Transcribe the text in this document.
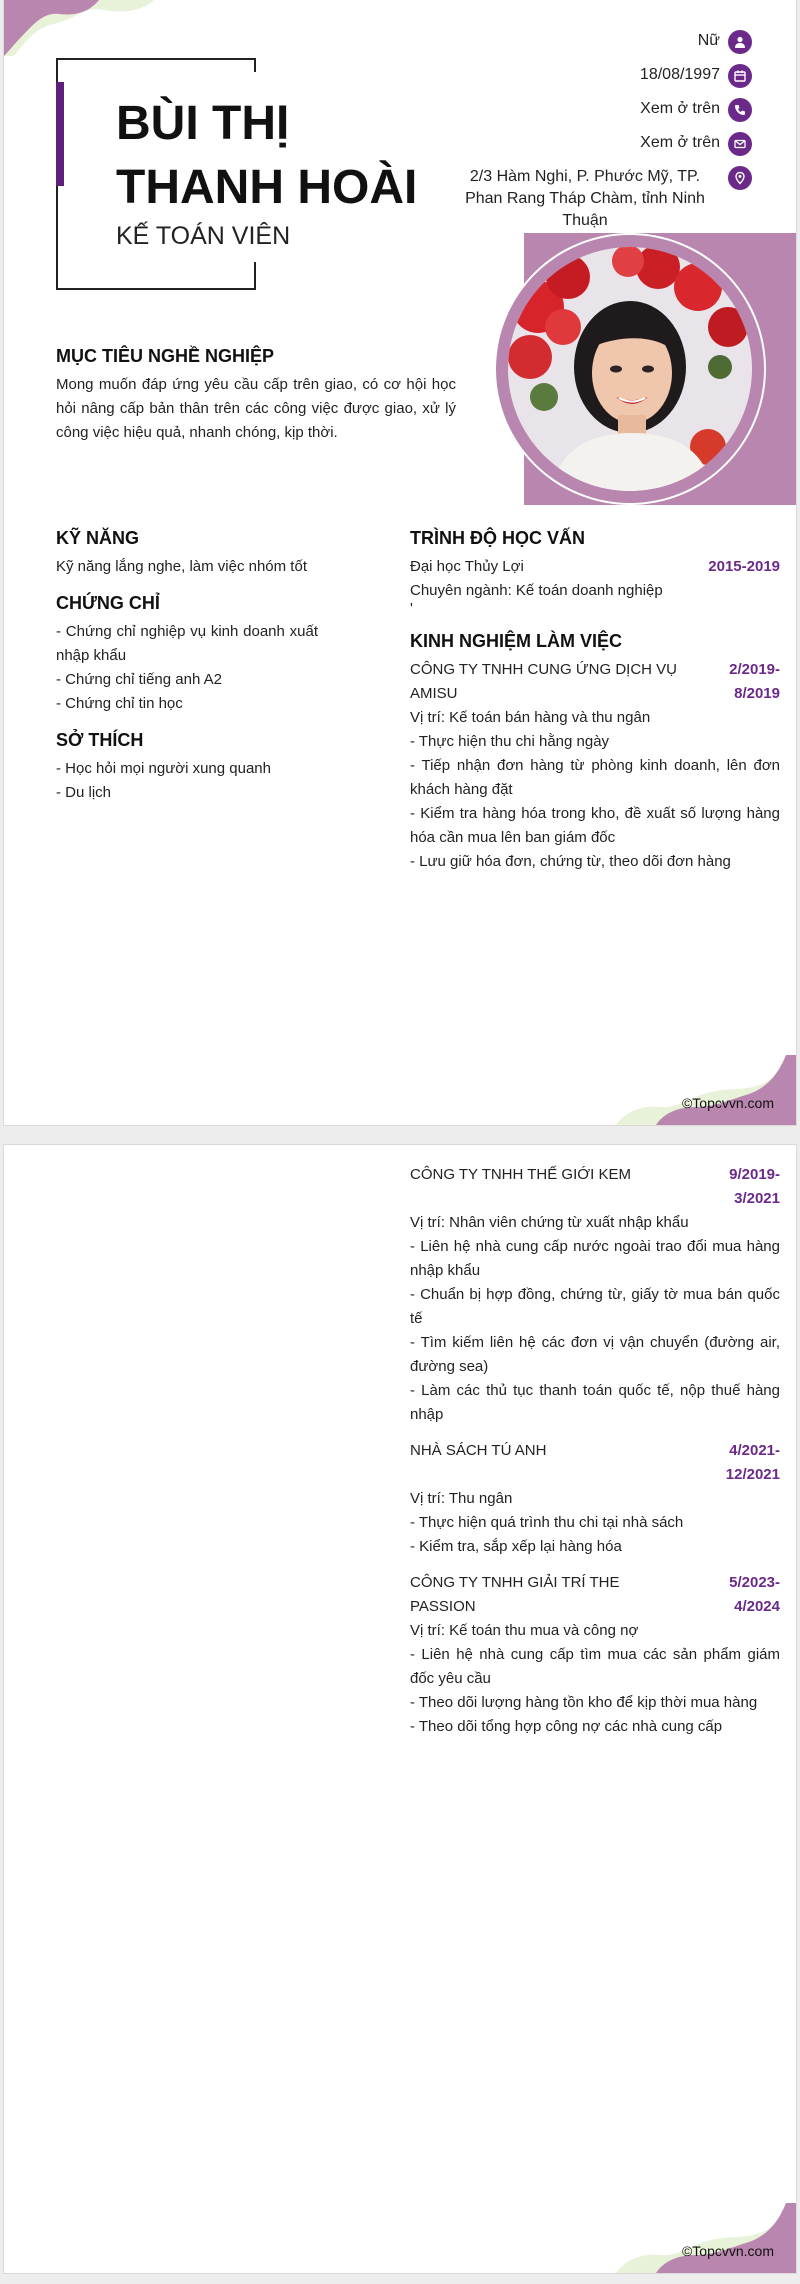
BÙI THỊ
THANH HOÀI
KẾ TOÁN VIÊN
Nữ
18/08/1997
Xem ở trên
Xem ở trên
2/3 Hàm Nghi, P. Phước Mỹ, TP. Phan Rang Tháp Chàm, tỉnh Ninh Thuận
MỤC TIÊU NGHỀ NGHIỆP
Mong muốn đáp ứng yêu cầu cấp trên giao, có cơ hội học hỏi nâng cấp bản thân trên các công việc được giao, xử lý công việc hiệu quả, nhanh chóng, kịp thời.
KỸ NĂNG
Kỹ năng lắng nghe, làm việc nhóm tốt
CHỨNG CHỈ
- Chứng chỉ nghiệp vụ kinh doanh xuất nhập khẩu
- Chứng chỉ tiếng anh A2
- Chứng chỉ tin học
SỞ THÍCH
- Học hỏi mọi người xung quanh
- Du lịch
TRÌNH ĐỘ HỌC VẤN
Đại học Thủy Lợi	2015-2019
Chuyên ngành: Kế toán doanh nghiệp
'
KINH NGHIỆM LÀM VIỆC
CÔNG TY TNHH CUNG ỨNG DỊCH VỤ AMISU
2/2019-
8/2019
Vị trí: Kế toán bán hàng và thu ngân
- Thực hiện thu chi hằng ngày
- Tiếp nhận đơn hàng từ phòng kinh doanh, lên đơn khách hàng đặt
- Kiểm tra hàng hóa trong kho, đề xuất số lượng hàng hóa cần mua lên ban giám đốc
- Lưu giữ hóa đơn, chứng từ, theo dõi đơn hàng
©Topcvvn.com
CÔNG TY TNHH THẾ GIỚI KEM	9/2019-
3/2021
Vị trí: Nhân viên chứng từ xuất nhập khẩu
- Liên hệ nhà cung cấp nước ngoài trao đổi mua hàng nhập khẩu
- Chuẩn bị hợp đồng, chứng từ, giấy tờ mua bán quốc tế
- Tìm kiếm liên hệ các đơn vị vận chuyển (đường air, đường sea)
- Làm các thủ tục thanh toán quốc tế, nộp thuế hàng nhập
NHÀ SÁCH TÚ ANH	4/2021-
12/2021
Vị trí: Thu ngân
- Thực hiện quá trình thu chi tại nhà sách
- Kiểm tra, sắp xếp lại hàng hóa
CÔNG TY TNHH GIẢI TRÍ THE PASSION
5/2023-
4/2024
Vị trí: Kế toán thu mua và công nợ
- Liên hệ nhà cung cấp tìm mua các sản phẩm giám đốc yêu cầu
- Theo dõi lượng hàng tồn kho để kịp thời mua hàng
- Theo dõi tổng hợp công nợ các nhà cung cấp
©Topcvvn.com
